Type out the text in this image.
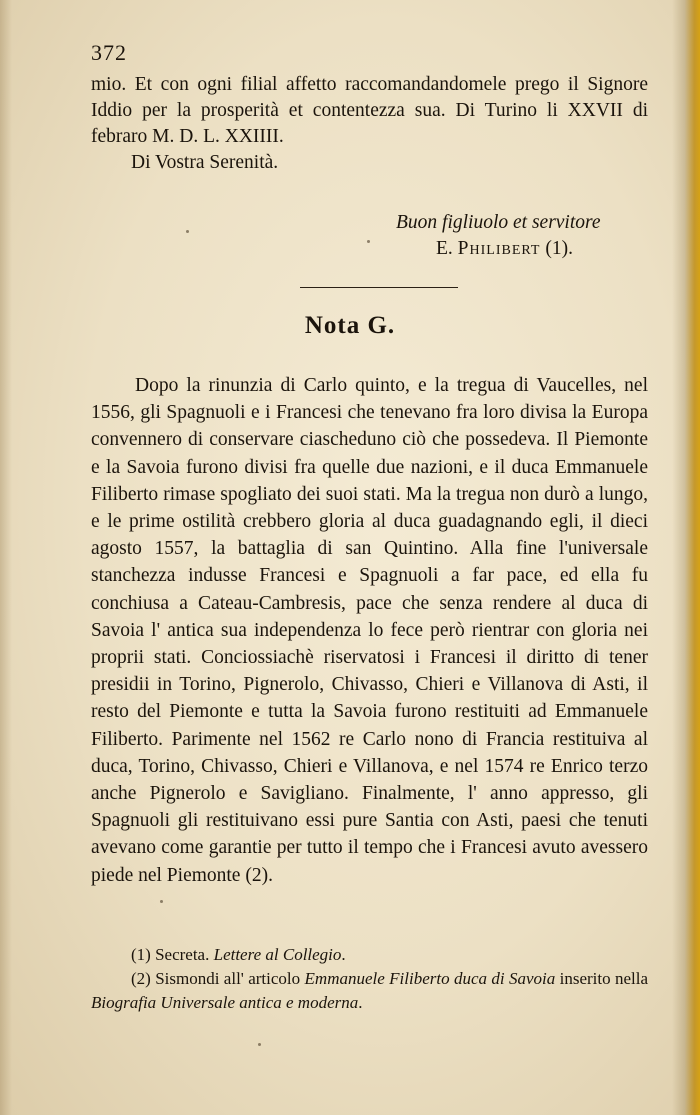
372

mio. Et con ogni filial affetto raccomandandomele prego il Signore Iddio per la prosperità et contentezza sua. Di Turino li XXVII di febraro M. D. L. XXIIII.

Di Vostra Serenità.

Buon figliuolo et servitore
E. Philibert (1).
Nota G.

Dopo la rinunzia di Carlo quinto, e la tregua di Vaucelles, nel 1556, gli Spagnuoli e i Francesi che tenevano fra loro divisa la Europa convennero di conservare ciascheduno ciò che possedeva. Il Piemonte e la Savoia furono divisi fra quelle due nazioni, e il duca Emmanuele Filiberto rimase spogliato dei suoi stati. Ma la tregua non durò a lungo, e le prime ostilità crebbero gloria al duca guadagnando egli, il dieci agosto 1557, la battaglia di san Quintino. Alla fine l'universale stanchezza indusse Francesi e Spagnuoli a far pace, ed ella fu conchiusa a Cateau-Cambresis, pace che senza rendere al duca di Savoia l' antica sua independenza lo fece però rientrar con gloria nei proprii stati. Conciossiachè riservatosi i Francesi il diritto di tener presidii in Torino, Pignerolo, Chivasso, Chieri e Villanova di Asti, il resto del Piemonte e tutta la Savoia furono restituiti ad Emmanuele Filiberto. Parimente nel 1562 re Carlo nono di Francia restituiva al duca, Torino, Chivasso, Chieri e Villanova, e nel 1574 re Enrico terzo anche Pignerolo e Savigliano. Finalmente, l' anno appresso, gli Spagnuoli gli restituivano essi pure Santia con Asti, paesi che tenuti avevano come garantie per tutto il tempo che i Francesi avuto avessero piede nel Piemonte (2).

(1) Secreta. Lettere al Collegio.

(2) Sismondi all' articolo Emmanuele Filiberto duca di Savoia inserito nella Biografia Universale antica e moderna.
